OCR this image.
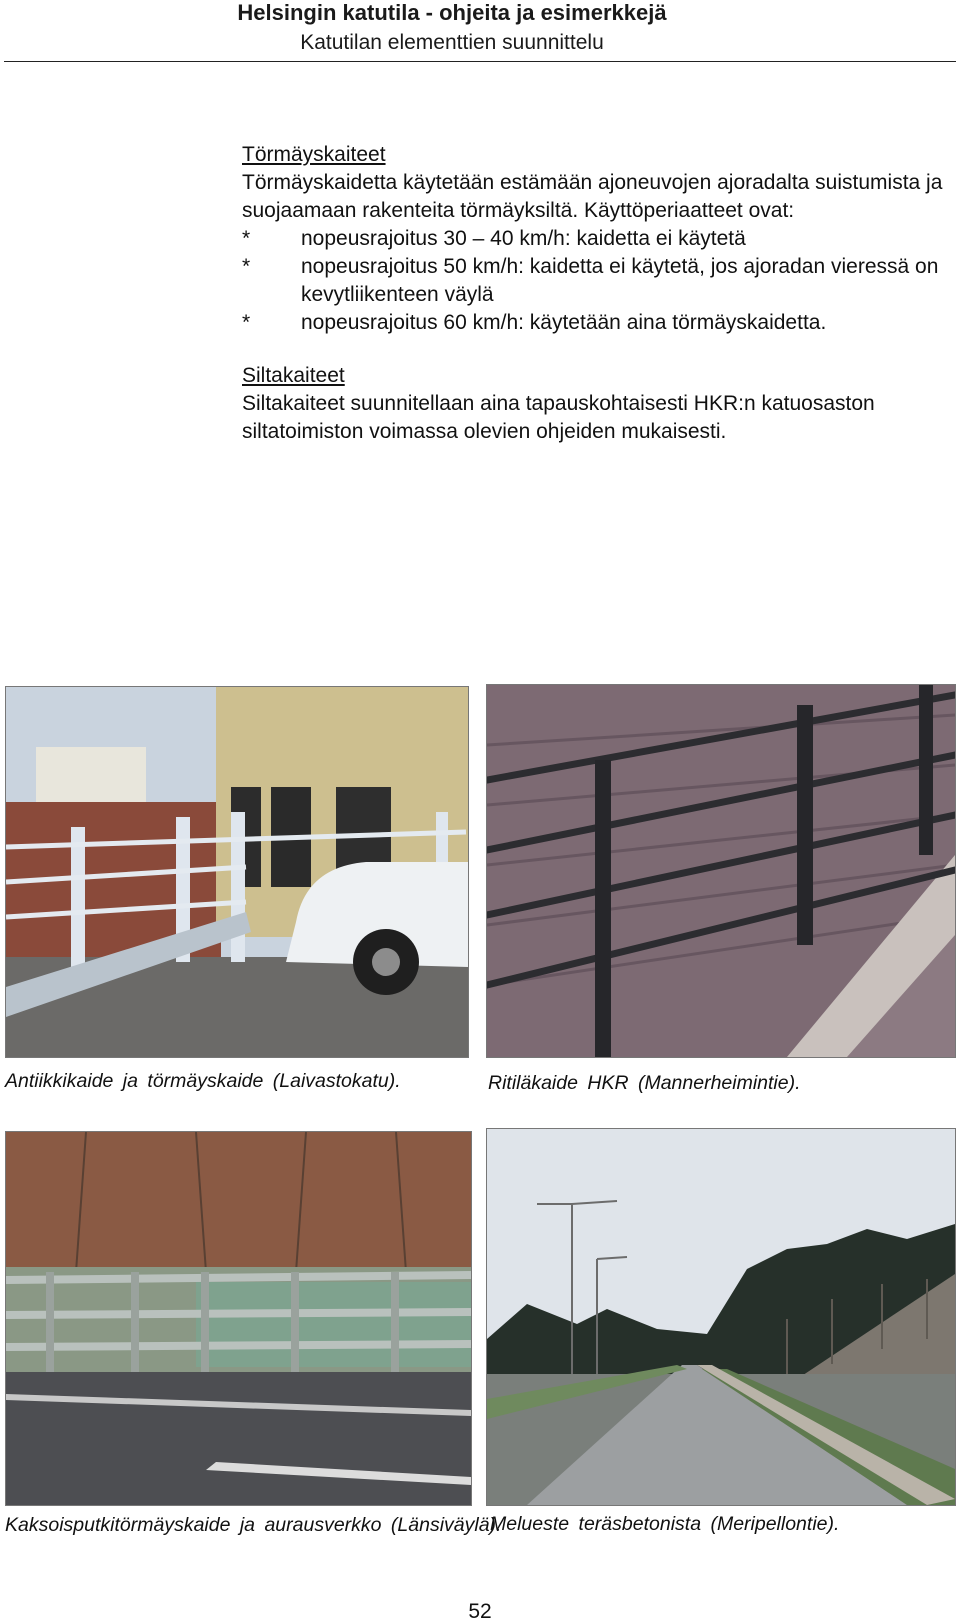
Helsingin katutila - ohjeita ja esimerkkejä
Katutilan elementtien suunnittelu
Törmäyskaiteet

Törmäyskaidetta käytetään estämään ajoneuvojen ajoradalta suistumista ja suojaamaan rakenteita törmäyksiltä. Käyttöperiaatteet ovat:

* nopeusrajoitus 30 – 40 km/h: kaidetta ei käytetä
* nopeusrajoitus 50 km/h: kaidetta ei käytetä, jos ajoradan vieressä on kevytliikenteen väylä
* nopeusrajoitus 60 km/h: käytetään aina törmäyskaidetta.
Siltakaiteet

Siltakaiteet suunnitellaan aina tapauskohtaisesti HKR:n katuosaston siltatoimiston voimassa olevien ohjeiden mukaisesti.

Antiikkikaide ja törmäyskaide (Laivastokatu).	Ritiläkaide HKR (Mannerheimintie).
Kaksoisputkitörmäyskaide ja aurausverkko (Länsiväylä).
Melueste teräsbetonista (Meripellontie).
52
